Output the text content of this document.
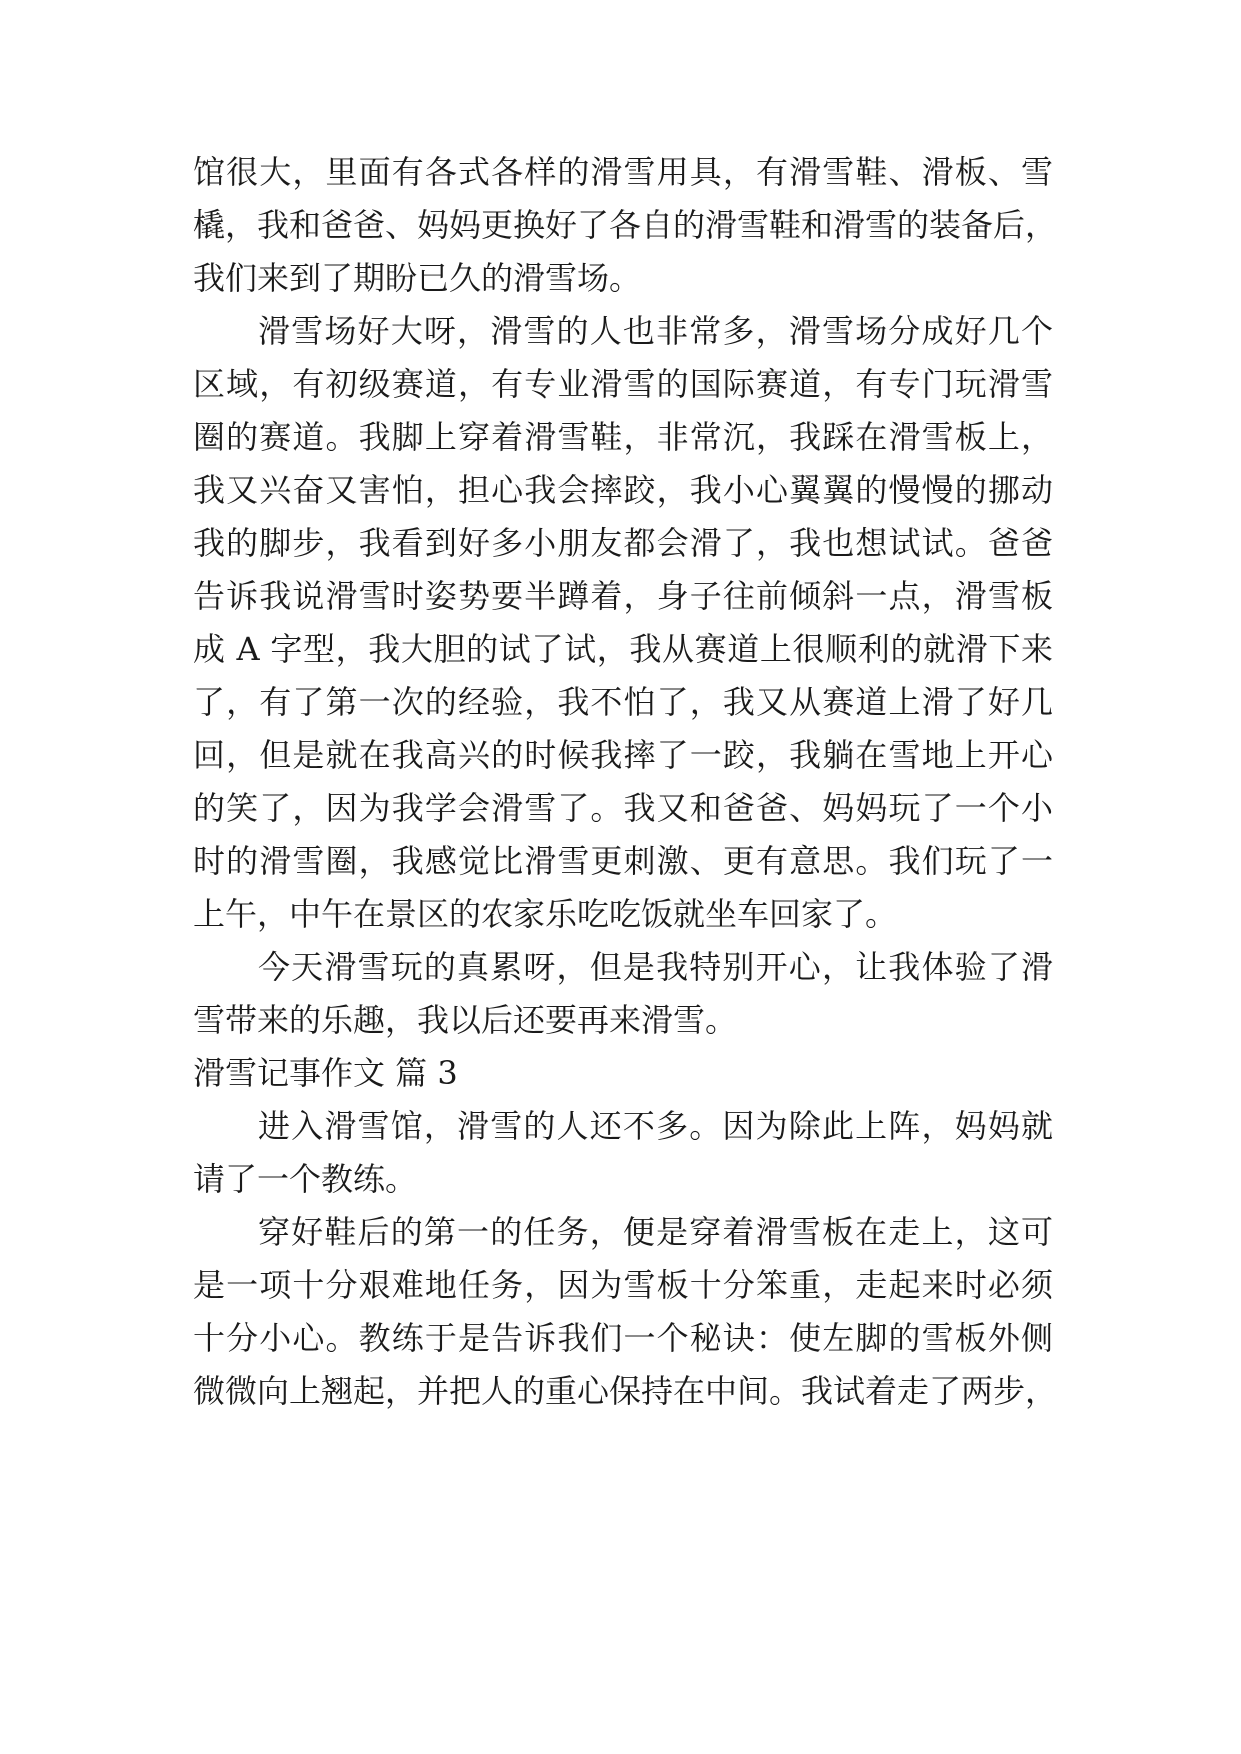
馆很大，里面有各式各样的滑雪用具，有滑雪鞋、滑板、雪
橇，我和爸爸、妈妈更换好了各自的滑雪鞋和滑雪的装备后，
我们来到了期盼已久的滑雪场。
滑雪场好大呀，滑雪的人也非常多，滑雪场分成好几个
区域，有初级赛道，有专业滑雪的国际赛道，有专门玩滑雪
圈的赛道。我脚上穿着滑雪鞋，非常沉，我踩在滑雪板上，
我又兴奋又害怕，担心我会摔跤，我小心翼翼的慢慢的挪动
我的脚步，我看到好多小朋友都会滑了，我也想试试。爸爸
告诉我说滑雪时姿势要半蹲着，身子往前倾斜一点，滑雪板
成 A 字型，我大胆的试了试，我从赛道上很顺利的就滑下来
了，有了第一次的经验，我不怕了，我又从赛道上滑了好几
回，但是就在我高兴的时候我摔了一跤，我躺在雪地上开心
的笑了，因为我学会滑雪了。我又和爸爸、妈妈玩了一个小
时的滑雪圈，我感觉比滑雪更刺激、更有意思。我们玩了一
上午，中午在景区的农家乐吃吃饭就坐车回家了。
今天滑雪玩的真累呀，但是我特别开心，让我体验了滑
雪带来的乐趣，我以后还要再来滑雪。
滑雪记事作文 篇 3
进入滑雪馆，滑雪的人还不多。因为除此上阵，妈妈就
请了一个教练。
穿好鞋后的第一的任务，便是穿着滑雪板在走上，这可
是一项十分艰难地任务，因为雪板十分笨重，走起来时必须
十分小心。教练于是告诉我们一个秘诀：使左脚的雪板外侧
微微向上翘起，并把人的重心保持在中间。我试着走了两步，
